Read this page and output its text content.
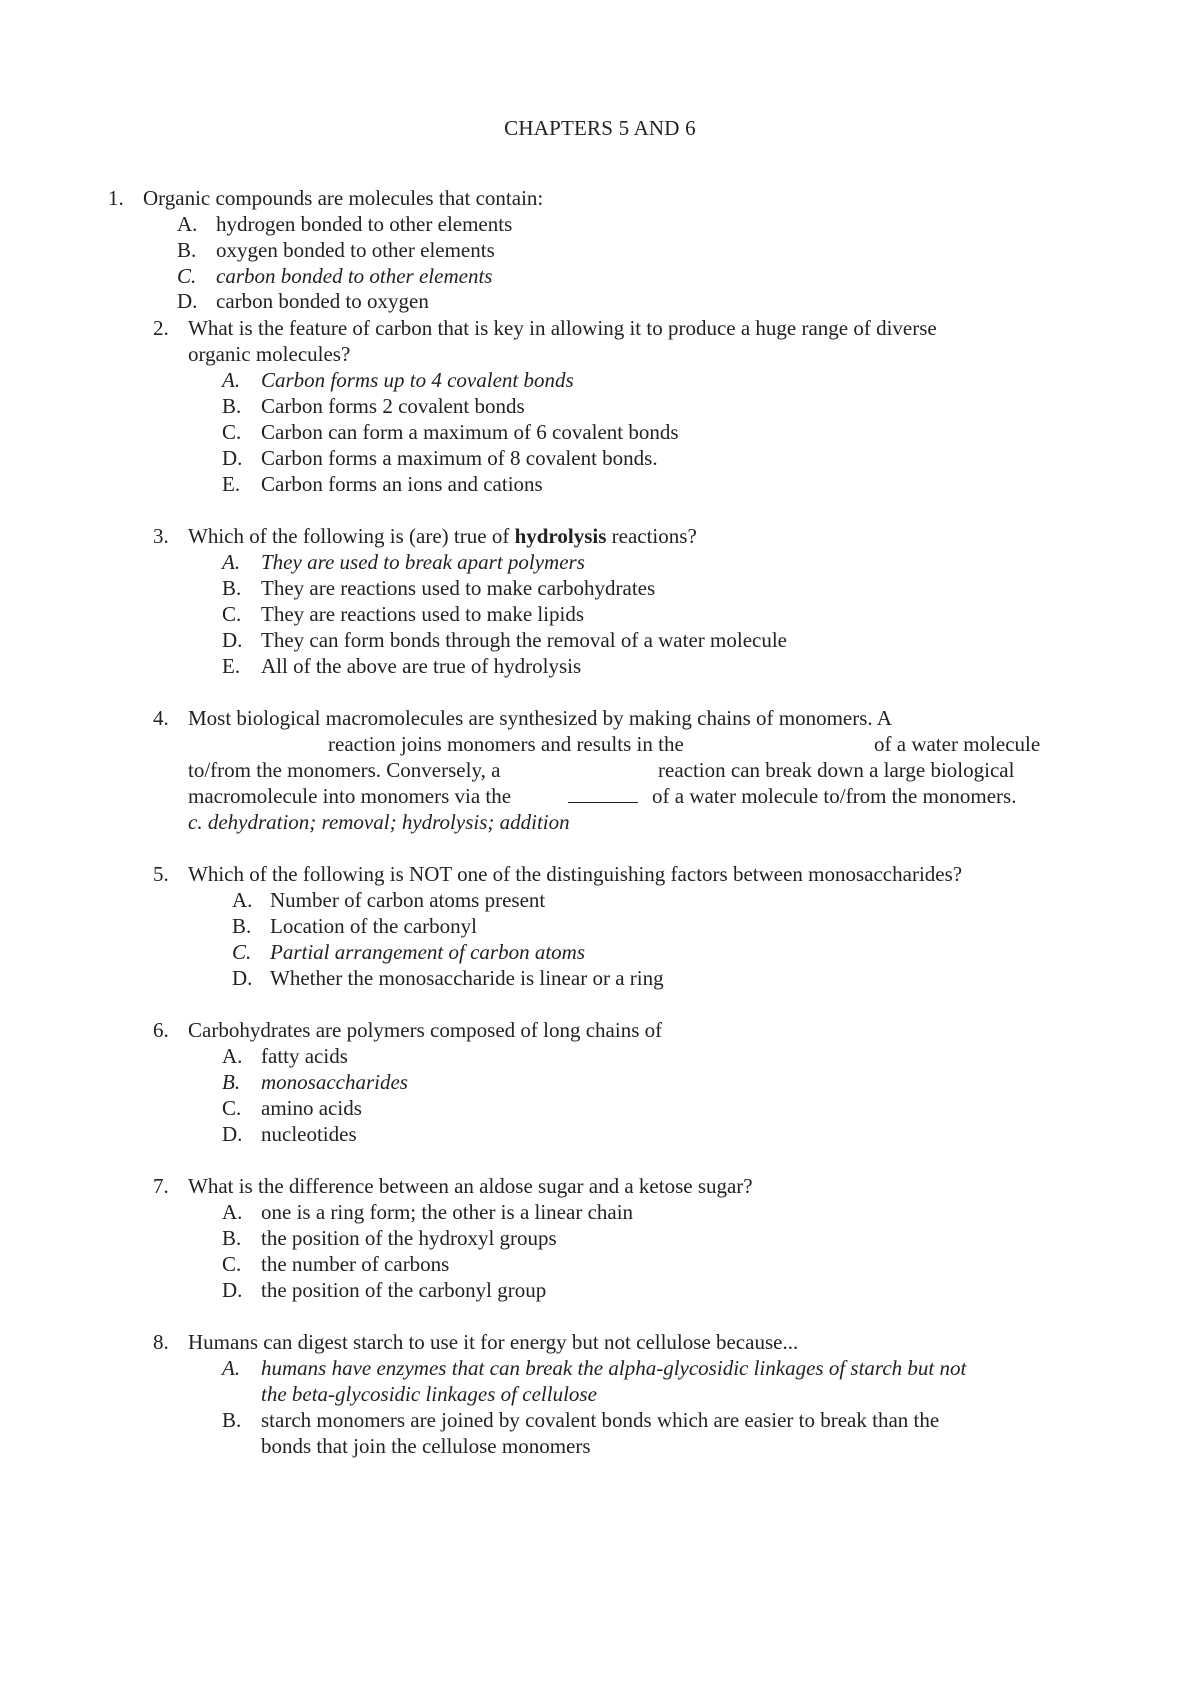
CHAPTERS 5 AND 6
1. Organic compounds are molecules that contain:
A. hydrogen bonded to other elements
B. oxygen bonded to other elements
C. carbon bonded to other elements
D. carbon bonded to oxygen
2. What is the feature of carbon that is key in allowing it to produce a huge range of diverse
organic molecules?
A. Carbon forms up to 4 covalent bonds
B. Carbon forms 2 covalent bonds
C. Carbon can form a maximum of 6 covalent bonds
D. Carbon forms a maximum of 8 covalent bonds.
E. Carbon forms an ions and cations
3. Which of the following is (are) true of hydrolysis reactions?
A. They are used to break apart polymers
B. They are reactions used to make carbohydrates
C. They are reactions used to make lipids
D. They can form bonds through the removal of a water molecule
E. All of the above are true of hydrolysis
4. Most biological macromolecules are synthesized by making chains of monomers. A
reaction joins monomers and results in the	of a water molecule
to/from the monomers. Conversely, a	reaction can break down a large biological
macromolecule into monomers via the	of a water molecule to/from the monomers.
c. dehydration; removal; hydrolysis; addition
5. Which of the following is NOT one of the distinguishing factors between monosaccharides?
A. Number of carbon atoms present
B. Location of the carbonyl
C. Partial arrangement of carbon atoms
D. Whether the monosaccharide is linear or a ring
6. Carbohydrates are polymers composed of long chains of
A. fatty acids
B. monosaccharides
C. amino acids
D. nucleotides
7. What is the difference between an aldose sugar and a ketose sugar?
A. one is a ring form; the other is a linear chain
B. the position of the hydroxyl groups
C. the number of carbons
D. the position of the carbonyl group
8. Humans can digest starch to use it for energy but not cellulose because...
A. humans have enzymes that can break the alpha-glycosidic linkages of starch but not
the beta-glycosidic linkages of cellulose
B. starch monomers are joined by covalent bonds which are easier to break than the
bonds that join the cellulose monomers
